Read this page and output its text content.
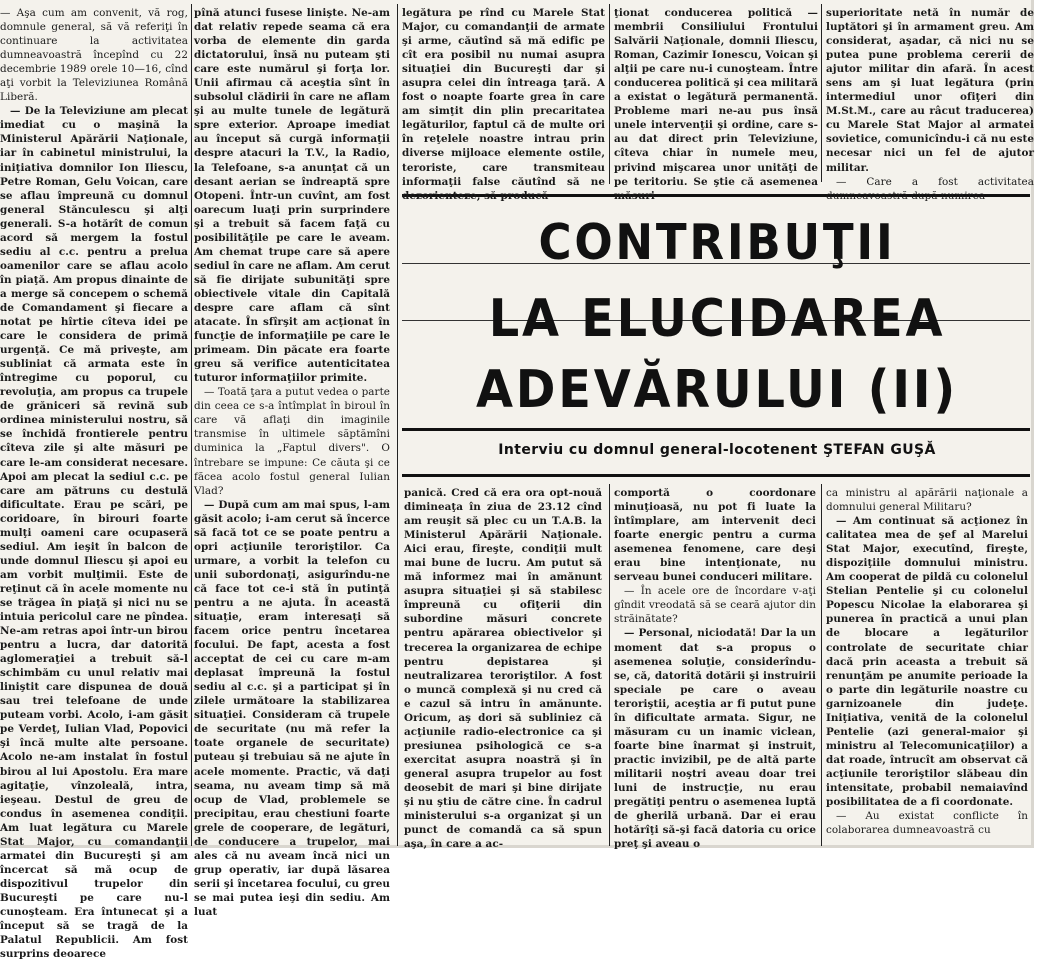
CONTRIBUŢII
LA ELUCIDAREA
ADEVĂRULUI (II)
Interviu cu domnul general-locotenent ŞTEFAN GUŞĂ

— Aşa cum am convenit, vă rog, domnule general, să vă referiţi în continuare la activitatea dumneavoastră începînd cu 22 decembrie 1989 orele 10—16, cînd aţi vorbit la Televiziunea Română Liberă.

— De la Televiziune am plecat imediat cu o maşină la Ministerul Apărării Naţionale, iar în cabinetul ministrului, la iniţiativa domnilor Ion Iliescu, Petre Roman, Gelu Voican, care se aflau împreună cu domnul general Stănculescu şi alţi generali. S-a hotărît de comun acord să mergem la fostul sediu al c.c. pentru a prelua oamenilor care se aflau acolo în piaţă. Am propus dinainte de a merge să concepem o schemă de Comandament şi fiecare a notat pe hîrtie cîteva idei pe care le considera de primă urgenţă. Ce mă priveşte, am subliniat că armata este în întregime cu poporul, cu revoluţia, am propus ca trupele de grăniceri să revină sub ordinea ministerului nostru, să se închidă frontierele pentru cîteva zile şi alte măsuri pe care le-am considerat necesare. Apoi am plecat la sediul c.c. pe care am pătruns cu destulă dificultate. Erau pe scări, pe coridoare, în birouri foarte mulţi oameni care ocupaseră sediul. Am ieşit în balcon de unde domnul Iliescu şi apoi eu am vorbit mulţimii. Este de reţinut că în acele momente nu se trăgea în piaţă şi nici nu se intuia pericolul care ne pîndea. Ne-am retras apoi într-un birou pentru a lucra, dar datorită aglomeraţiei a trebuit să-l schimbăm cu unul relativ mai liniştit care dispunea de două sau trei telefoane de unde puteam vorbi. Acolo, i-am găsit pe Verdeţ, Iulian Vlad, Popovici şi încă multe alte persoane. Acolo ne-am instalat în fostul birou al lui Apostolu. Era mare agitaţie, vînzoleală, intra, ieşeau. Destul de greu de condus în asemenea condiţii. Am luat legătura cu Marele Stat Major, cu comandanţii armatei din Bucureşti şi am încercat să mă ocup de dispozitivul trupelor din Bucureşti pe care nu-l cunoşteam. Era întunecat şi a început să se tragă de la Palatul Republicii. Am fost surprins deoarece

pînă atunci fusese linişte. Ne-am dat relativ repede seama că era vorba de elemente din garda dictatorului, însă nu puteam şti care este numărul şi forţa lor. Unii afirmau că aceştia sînt în subsolul clădirii în care ne aflam şi au multe tunele de legătură spre exterior. Aproape imediat au început să curgă informaţii despre atacuri la T.V., la Radio, la Telefoane, s-a anunţat că un desant aerian se îndreaptă spre Otopeni. Într-un cuvînt, am fost oarecum luaţi prin surprindere şi a trebuit să facem faţă cu posibilităţile pe care le aveam. Am chemat trupe care să apere sediul în care ne aflam. Am cerut să fie dirijate subunităţi spre obiectivele vitale din Capitală despre care aflam că sînt atacate. În sfîrşit am acţionat în funcţie de informaţiile pe care le primeam. Din păcate era foarte greu să verifice autenticitatea tuturor informaţiilor primite.

— Toată ţara a putut vedea o parte din ceea ce s-a întîmplat în biroul în care vă aflaţi din imaginile transmise în ultimele săptămîni duminica la „Faptul divers". O întrebare se impune: Ce căuta şi ce făcea acolo fostul general Iulian Vlad?

— După cum am mai spus, l-am găsit acolo; i-am cerut să încerce să facă tot ce se poate pentru a opri acţiunile teroriştilor. Ca urmare, a vorbit la telefon cu unii subordonaţi, asigurîndu-ne că face tot ce-i stă în putinţă pentru a ne ajuta. În această situaţie, eram interesaţi să facem orice pentru încetarea focului. De fapt, acesta a fost acceptat de cei cu care m-am deplasat împreună la fostul sediu al c.c. şi a participat şi în zilele următoare la stabilizarea situaţiei. Consideram că trupele de securitate (nu mă refer la toate organele de securitate) puteau şi trebuiau să ne ajute în acele momente. Practic, vă daţi seama, nu aveam timp să mă ocup de Vlad, problemele se precipitau, erau chestiuni foarte grele de cooperare, de legături, de conducere a trupelor, mai ales că nu aveam încă nici un grup operativ, iar după lăsarea serii şi încetarea focului, cu greu se mai putea ieşi din sediu. Am luat

legătura pe rînd cu Marele Stat Major, cu comandanţii de armate şi arme, căutînd să mă edific pe cît era posibil nu numai asupra situaţiei din Bucureşti dar şi asupra celei din întreaga ţară. A fost o noapte foarte grea în care am simţit din plin precaritatea legăturilor, faptul că de multe ori în reţelele noastre intrau prin diverse mijloace elemente ostile, teroriste, care transmiteau informaţii false căutînd să ne dezorienteze, să producă

ţionat conducerea politică — membrii Consiliului Frontului Salvării Naţionale, domnii Iliescu, Roman, Cazimir Ionescu, Voican şi alţii pe care nu-i cunoşteam. Între conducerea politică şi cea militară a existat o legătură permanentă. Probleme mari ne-au pus însă unele intervenţii şi ordine, care s-au dat direct prin Televiziune, cîteva chiar în numele meu, privind mişcarea unor unităţi de pe teritoriu. Se ştie că asemenea măsuri

superioritate netă în număr de luptători şi în armament greu. Am considerat, aşadar, că nici nu se putea pune problema cererii de ajutor militar din afară. În acest sens am şi luat legătura (prin intermediul unor ofiţeri din M.St.M., care au râcut traducerea) cu Marele Stat Major al armatei sovietice, comunicîndu-i că nu este necesar nici un fel de ajutor militar.

— Care a fost activitatea dumneavoastră după numirea

panică. Cred că era ora opt-nouă dimineaţa în ziua de 23.12 cînd am reuşit să plec cu un T.A.B. la Ministerul Apărării Naţionale. Aici erau, fireşte, condiţii mult mai bune de lucru. Am putut să mă informez mai în amănunt asupra situaţiei şi să stabilesc împreună cu ofiţerii din subordine măsuri concrete pentru apărarea obiectivelor şi trecerea la organizarea de echipe pentru depistarea şi neutralizarea teroriştilor. A fost o muncă complexă şi nu cred că e cazul să intru în amănunte. Oricum, aş dori să subliniez că acţiunile radio-electronice ca şi presiunea psihologică ce s-a exercitat asupra noastră şi în general asupra trupelor au fost deosebit de mari şi bine dirijate şi nu ştiu de către cine. În cadrul ministerului s-a organizat şi un punct de comandă ca să spun aşa, în care a ac-

comportă o coordonare minuţioasă, nu pot fi luate la întîmplare, am intervenit deci foarte energic pentru a curma asemenea fenomene, care deşi erau bine intenţionate, nu serveau bunei conduceri militare.

— În acele ore de încordare v-aţi gîndit vreodată să se ceară ajutor din străinătate?

— Personal, niciodată! Dar la un moment dat s-a propus o asemenea soluţie, considerîndu-se, că, datorită dotării şi instruirii speciale pe care o aveau teroriştii, aceştia ar fi putut pune în dificultate armata. Sigur, ne măsuram cu un inamic viclean, foarte bine înarmat şi instruit, practic invizibil, pe de altă parte militarii noştri aveau doar trei luni de instrucţie, nu erau pregătiţi pentru o asemenea luptă de gherilă urbană. Dar ei erau hotărîţi să-şi facă datoria cu orice preţ şi aveau o

ca ministru al apărării naţionale a domnului general Militaru?

— Am continuat să acţionez în calitatea mea de şef al Marelui Stat Major, executînd, fireşte, dispoziţiile domnului ministru. Am cooperat de pildă cu colonelul Stelian Pentelie şi cu colonelul Popescu Nicolae la elaborarea şi punerea în practică a unui plan de blocare a legăturilor controlate de securitate chiar dacă prin aceasta a trebuit să renunţăm pe anumite perioade la o parte din legăturile noastre cu garnizoanele din judeţe. Iniţiativa, venită de la colonelul Pentelie (azi general-maior şi ministru al Telecomunicaţiilor) a dat roade, întrucît am observat că acţiunile teroriştilor slăbeau din intensitate, probabil nemaiavînd posibilitatea de a fi coordonate.

— Au existat conflicte în colaborarea dumneavoastră cu
